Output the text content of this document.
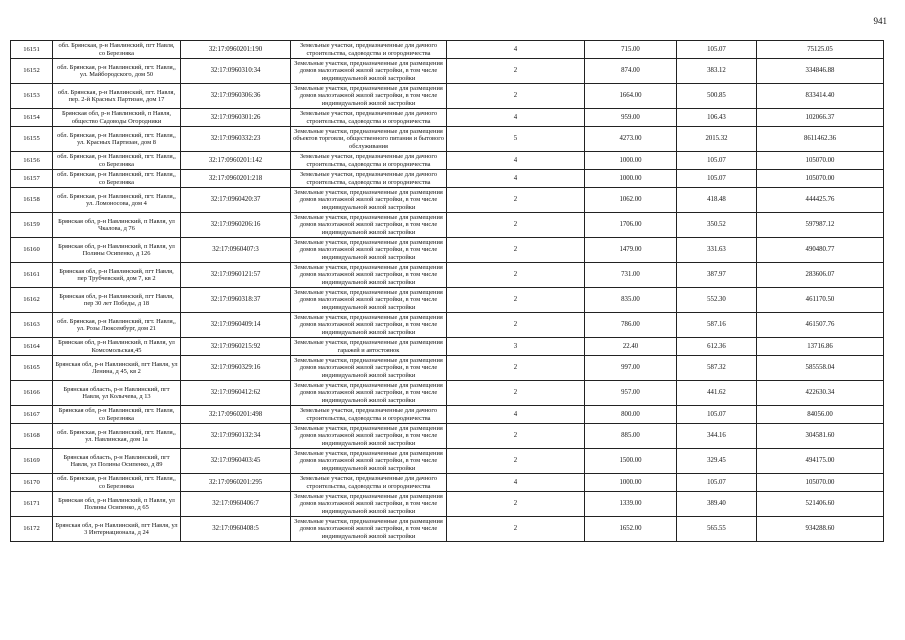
941
16151	обл. Брянская, р-н Навлинский, пгт Навля, со Березняка	32:17:0960201:190	Земельные участки, предназначенные для дачного строительства, садоводства и огородничества	4	715.00	105.07	75125.05
16152	обл. Брянская, р-н Навлинский, пгт. Навля,, ул. Майбородского, дом 50	32:17:0960310:34	Земельные участки, предназначенные для размещения домов малоэтажной жилой застройки, в том числе индивидуальной жилой застройки	2	874.00	383.12	334846.88
16153	обл. Брянская, р-н Навлинский, пгт. Навля, пер. 2-й Красных Партизан, дом 17	32:17:0960306:36	Земельные участки, предназначенные для размещения домов малоэтажной жилой застройки, в том числе индивидуальной жилой застройки	2	1664.00	500.85	833414.40
16154	Брянская обл, р-н Навлинский, п Навля, общество Садоводы Огородники	32:17:0960301:26	Земельные участки, предназначенные для дачного строительства, садоводства и огородничества	4	959.00	106.43	102066.37
16155	обл. Брянская, р-н Навлинский, пгт. Навля,, ул. Красных Партизан, дом 8	32:17:0960332:23	Земельные участки, предназначенные для размещения объектов торговли, общественного питания и бытового обслуживания	5	4273.00	2015.32	8611462.36
16156	обл. Брянская, р-н Навлинский, пгт. Навля,, со Березняка	32:17:0960201:142	Земельные участки, предназначенные для дачного строительства, садоводства и огородничества	4	1000.00	105.07	105070.00
16157	обл. Брянская, р-н Навлинский, пгт. Навля,, со Березняка	32:17:0960201:218	Земельные участки, предназначенные для дачного строительства, садоводства и огородничества	4	1000.00	105.07	105070.00
16158	обл. Брянская, р-н Навлинский, пгт. Навля,, ул. Ломоносова, дом 4	32:17:0960420:37	Земельные участки, предназначенные для размещения домов малоэтажной жилой застройки, в том числе индивидуальной жилой застройки	2	1062.00	418.48	444425.76
16159	Брянская обл, р-н Навлинский, п Навля, ул Чкалова, д 76	32:17:0960206:16	Земельные участки, предназначенные для размещения домов малоэтажной жилой застройки, в том числе индивидуальной жилой застройки	2	1706.00	350.52	597987.12
16160	Брянская обл, р-н Навлинский, п Навля, ул Полины Осипенко, д 126	32:17:0960407:3	Земельные участки, предназначенные для размещения домов малоэтажной жилой застройки, в том числе индивидуальной жилой застройки	2	1479.00	331.63	490480.77
16161	Брянская обл, р-н Навлинский, пгт Навля, пер Трубчевский, дом 7, кв 2	32:17:0960121:57	Земельные участки, предназначенные для размещения домов малоэтажной жилой застройки, в том числе индивидуальной жилой застройки	2	731.00	387.97	283606.07
16162	Брянская обл, р-н Навлинский, пгт Навля, пер 30 лет Победы, д 18	32:17:0960318:37	Земельные участки, предназначенные для размещения домов малоэтажной жилой застройки, в том числе индивидуальной жилой застройки	2	835.00	552.30	461170.50
16163	обл. Брянская, р-н Навлинский, пгт. Навля,, ул. Розы Люксембург, дом 21	32:17:0960409:14	Земельные участки, предназначенные для размещения домов малоэтажной жилой застройки, в том числе индивидуальной жилой застройки	2	786.00	587.16	461507.76
16164	Брянская обл, р-н Навлинский, п Навля, ул Комсомольская,45	32:17:0960215:92	Земельные участки, предназначенные для размещения гаражей и автостоянок	3	22.40	612.36	13716.86
16165	Брянская обл, р-н Навлинский, пгт Навля, ул Ленина, д 45, кв 2	32:17:0960329:16	Земельные участки, предназначенные для размещения домов малоэтажной жилой застройки, в том числе индивидуальной жилой застройки	2	997.00	587.32	585558.04
16166	Брянская область, р-н Навлинский, пгт Навля, ул Колычева, д 13	32:17:0960412:62	Земельные участки, предназначенные для размещения домов малоэтажной жилой застройки, в том числе индивидуальной жилой застройки	2	957.00	441.62	422630.34
16167	Брянская обл, р-н Навлинский, пгт. Навля, со Березняка	32:17:0960201:498	Земельные участки, предназначенные для дачного строительства, садоводства и огородничества	4	800.00	105.07	84056.00
16168	обл. Брянская, р-н Навлинский, пгт. Навля,, ул. Навлинская, дом 1а	32:17:0960132:34	Земельные участки, предназначенные для размещения домов малоэтажной жилой застройки, в том числе индивидуальной жилой застройки	2	885.00	344.16	304581.60
16169	Брянская область, р-н Навлинский, пгт Навля, ул Полины Осипенко, д 89	32:17:0960403:45	Земельные участки, предназначенные для размещения домов малоэтажной жилой застройки, в том числе индивидуальной жилой застройки	2	1500.00	329.45	494175.00
16170	обл. Брянская, р-н Навлинский, пгт. Навля,, со Березняка	32:17:0960201:295	Земельные участки, предназначенные для дачного строительства, садоводства и огородничества	4	1000.00	105.07	105070.00
16171	Брянская обл, р-н Навлинский, п Навля, ул Полины Осипенко, д 65	32:17:0960406:7	Земельные участки, предназначенные для размещения домов малоэтажной жилой застройки, в том числе индивидуальной жилой застройки	2	1339.00	389.40	521406.60
16172	Брянская обл, р-н Навлинский, пгт Навля, ул 3 Интернационала, д 24	32:17:0960408:5	Земельные участки, предназначенные для размещения домов малоэтажной жилой застройки, в том числе индивидуальной жилой застройки	2	1652.00	565.55	934288.60
